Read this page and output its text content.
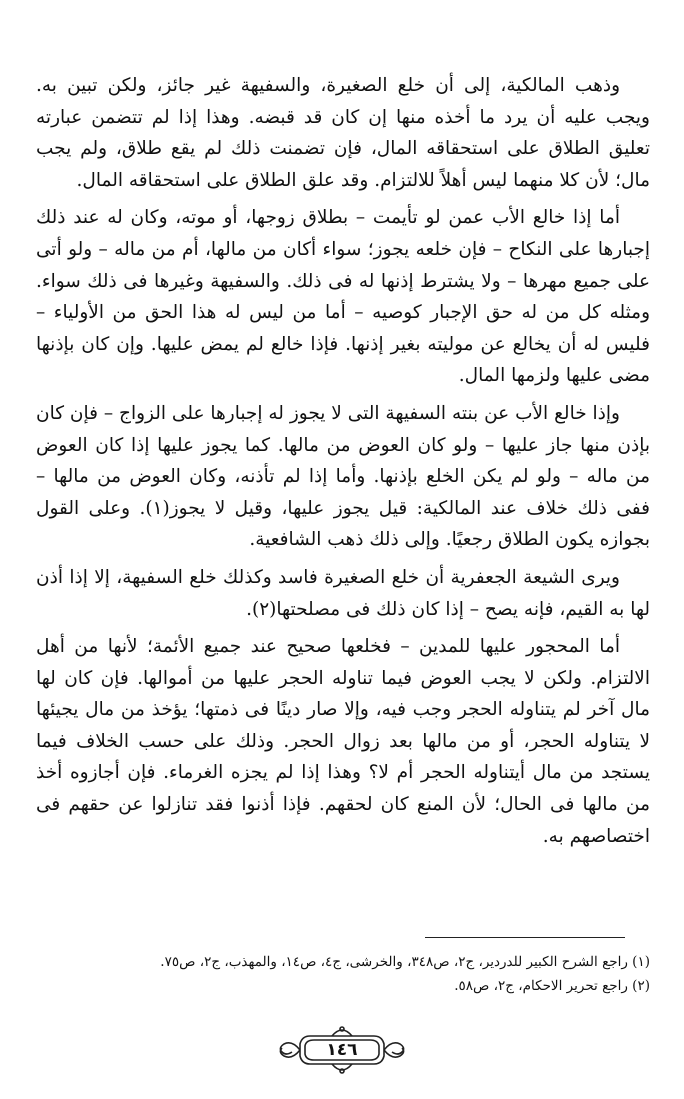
وذهب المالكية، إلى أن خلع الصغيرة، والسفيهة غير جائز، ولكن تبين به. ويجب عليه أن يرد ما أخذه منها إن كان قد قبضه. وهذا إذا لم تتضمن عبارته تعليق الطلاق على استحقاقه المال، فإن تضمنت ذلك لم يقع طلاق، ولم يجب مال؛ لأن كلا منهما ليس أهلاً للالتزام. وقد علق الطلاق على استحقاقه المال.

أما إذا خالع الأب عمن لو تأيمت – بطلاق زوجها، أو موته، وكان له عند ذلك إجبارها على النكاح – فإن خلعه يجوز؛ سواء أكان من مالها، أم من ماله – ولو أتى على جميع مهرها – ولا يشترط إذنها له فى ذلك. والسفيهة وغيرها فى ذلك سواء. ومثله كل من له حق الإجبار كوصيه – أما من ليس له هذا الحق من الأولياء – فليس له أن يخالع عن موليته بغير إذنها. فإذا خالع لم يمض عليها. وإن كان بإذنها مضى عليها ولزمها المال.

وإذا خالع الأب عن بنته السفيهة التى لا يجوز له إجبارها على الزواج – فإن كان بإذن منها جاز عليها – ولو كان العوض من مالها. كما يجوز عليها إذا كان العوض من ماله – ولو لم يكن الخلع بإذنها. وأما إذا لم تأذنه، وكان العوض من مالها – ففى ذلك خلاف عند المالكية: قيل يجوز عليها، وقيل لا يجوز(١). وعلى القول بجوازه يكون الطلاق رجعيًا. وإلى ذلك ذهب الشافعية.

ويرى الشيعة الجعفرية أن خلع الصغيرة فاسد وكذلك خلع السفيهة، إلا إذا أذن لها به القيم، فإنه يصح – إذا كان ذلك فى مصلحتها(٢).

أما المحجور عليها للمدين – فخلعها صحيح عند جميع الأئمة؛ لأنها من أهل الالتزام. ولكن لا يجب العوض فيما تناوله الحجر عليها من أموالها. فإن كان لها مال آخر لم يتناوله الحجر وجب فيه، وإلا صار دينًا فى ذمتها؛ يؤخذ من مال يجيئها لا يتناوله الحجر، أو من مالها بعد زوال الحجر. وذلك على حسب الخلاف فيما يستجد من مال أيتناوله الحجر أم لا؟ وهذا إذا لم يجزه الغرماء. فإن أجازوه أخذ من مالها فى الحال؛ لأن المنع كان لحقهم. فإذا أذنوا فقد تنازلوا عن حقهم فى اختصاصهم به.

(١) راجع الشرح الكبير للدردير، ج٢، ص٣٤٨، والخرشى، ج٤، ص١٤، والمهذب، ج٢، ص٧٥.

(٢) راجع تحرير الاحكام، ج٢، ص٥٨.

١٤٦
